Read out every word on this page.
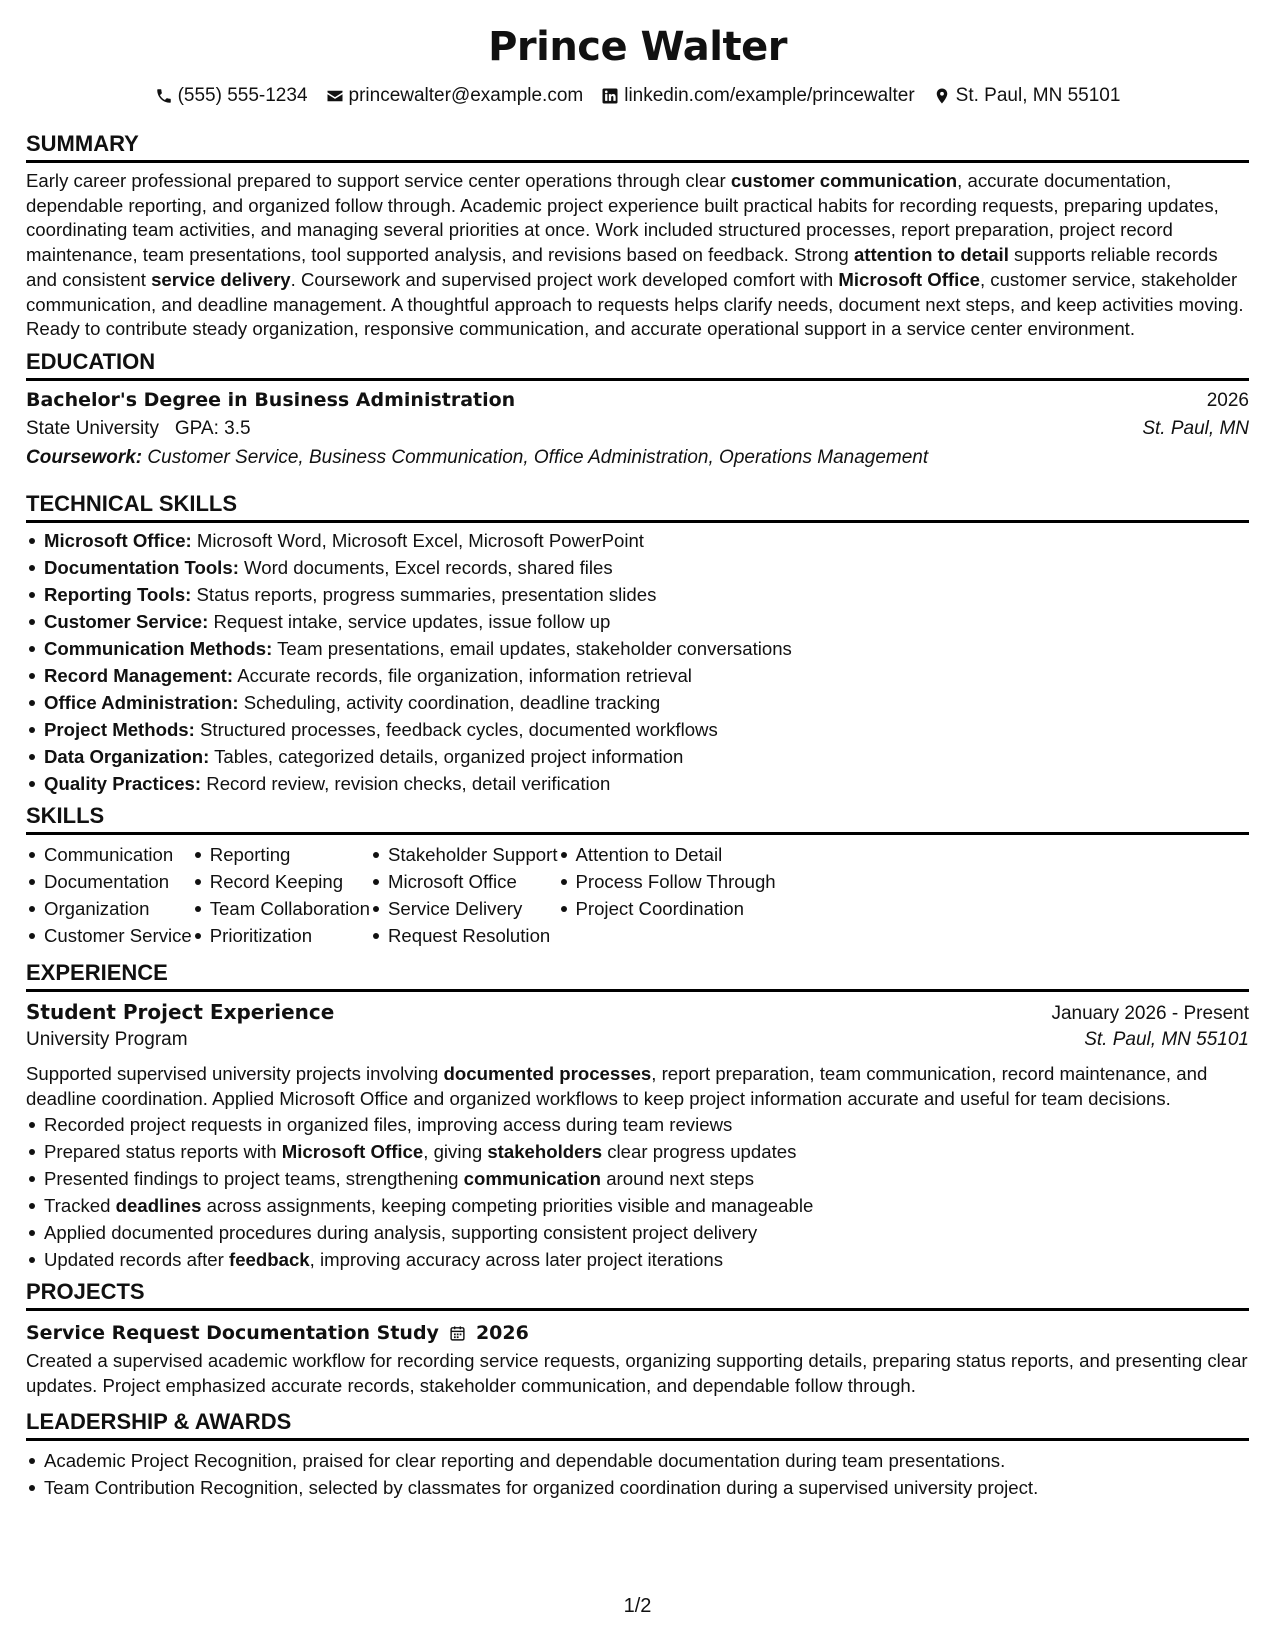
Prince Walter
(555) 555-1234 princewalter@example.com linkedin.com/example/princewalter St. Paul, MN 55101
SUMMARY
Early career professional prepared to support service center operations through clear customer communication, accurate documentation, dependable reporting, and organized follow through. Academic project experience built practical habits for recording requests, preparing updates, coordinating team activities, and managing several priorities at once. Work included structured processes, report preparation, project record maintenance, team presentations, tool supported analysis, and revisions based on feedback. Strong attention to detail supports reliable records and consistent service delivery. Coursework and supervised project work developed comfort with Microsoft Office, customer service, stakeholder communication, and deadline management. A thoughtful approach to requests helps clarify needs, document next steps, and keep activities moving. Ready to contribute steady organization, responsive communication, and accurate operational support in a service center environment.
EDUCATION
Bachelor's Degree in Business Administration	2026
State University GPA: 3.5	St. Paul, MN
Coursework: Customer Service, Business Communication, Office Administration, Operations Management
TECHNICAL SKILLS
Microsoft Office: Microsoft Word, Microsoft Excel, Microsoft PowerPoint
Documentation Tools: Word documents, Excel records, shared files
Reporting Tools: Status reports, progress summaries, presentation slides
Customer Service: Request intake, service updates, issue follow up
Communication Methods: Team presentations, email updates, stakeholder conversations
Record Management: Accurate records, file organization, information retrieval
Office Administration: Scheduling, activity coordination, deadline tracking
Project Methods: Structured processes, feedback cycles, documented workflows
Data Organization: Tables, categorized details, organized project information
Quality Practices: Record review, revision checks, detail verification
SKILLS
Communication
Documentation
Organization
Customer Service
Reporting
Record Keeping
Team Collaboration
Prioritization
Stakeholder Support
Microsoft Office
Service Delivery
Request Resolution
Attention to Detail
Process Follow Through
Project Coordination
EXPERIENCE
Student Project Experience	January 2026 - Present
University Program	St. Paul, MN 55101
Supported supervised university projects involving documented processes, report preparation, team communication, record maintenance, and deadline coordination. Applied Microsoft Office and organized workflows to keep project information accurate and useful for team decisions.
Recorded project requests in organized files, improving access during team reviews
Prepared status reports with Microsoft Office, giving stakeholders clear progress updates
Presented findings to project teams, strengthening communication around next steps
Tracked deadlines across assignments, keeping competing priorities visible and manageable
Applied documented procedures during analysis, supporting consistent project delivery
Updated records after feedback, improving accuracy across later project iterations
PROJECTS
Service Request Documentation Study 2026
Created a supervised academic workflow for recording service requests, organizing supporting details, preparing status reports, and presenting clear updates. Project emphasized accurate records, stakeholder communication, and dependable follow through.
LEADERSHIP & AWARDS
Academic Project Recognition, praised for clear reporting and dependable documentation during team presentations.
Team Contribution Recognition, selected by classmates for organized coordination during a supervised university project.
1/2
